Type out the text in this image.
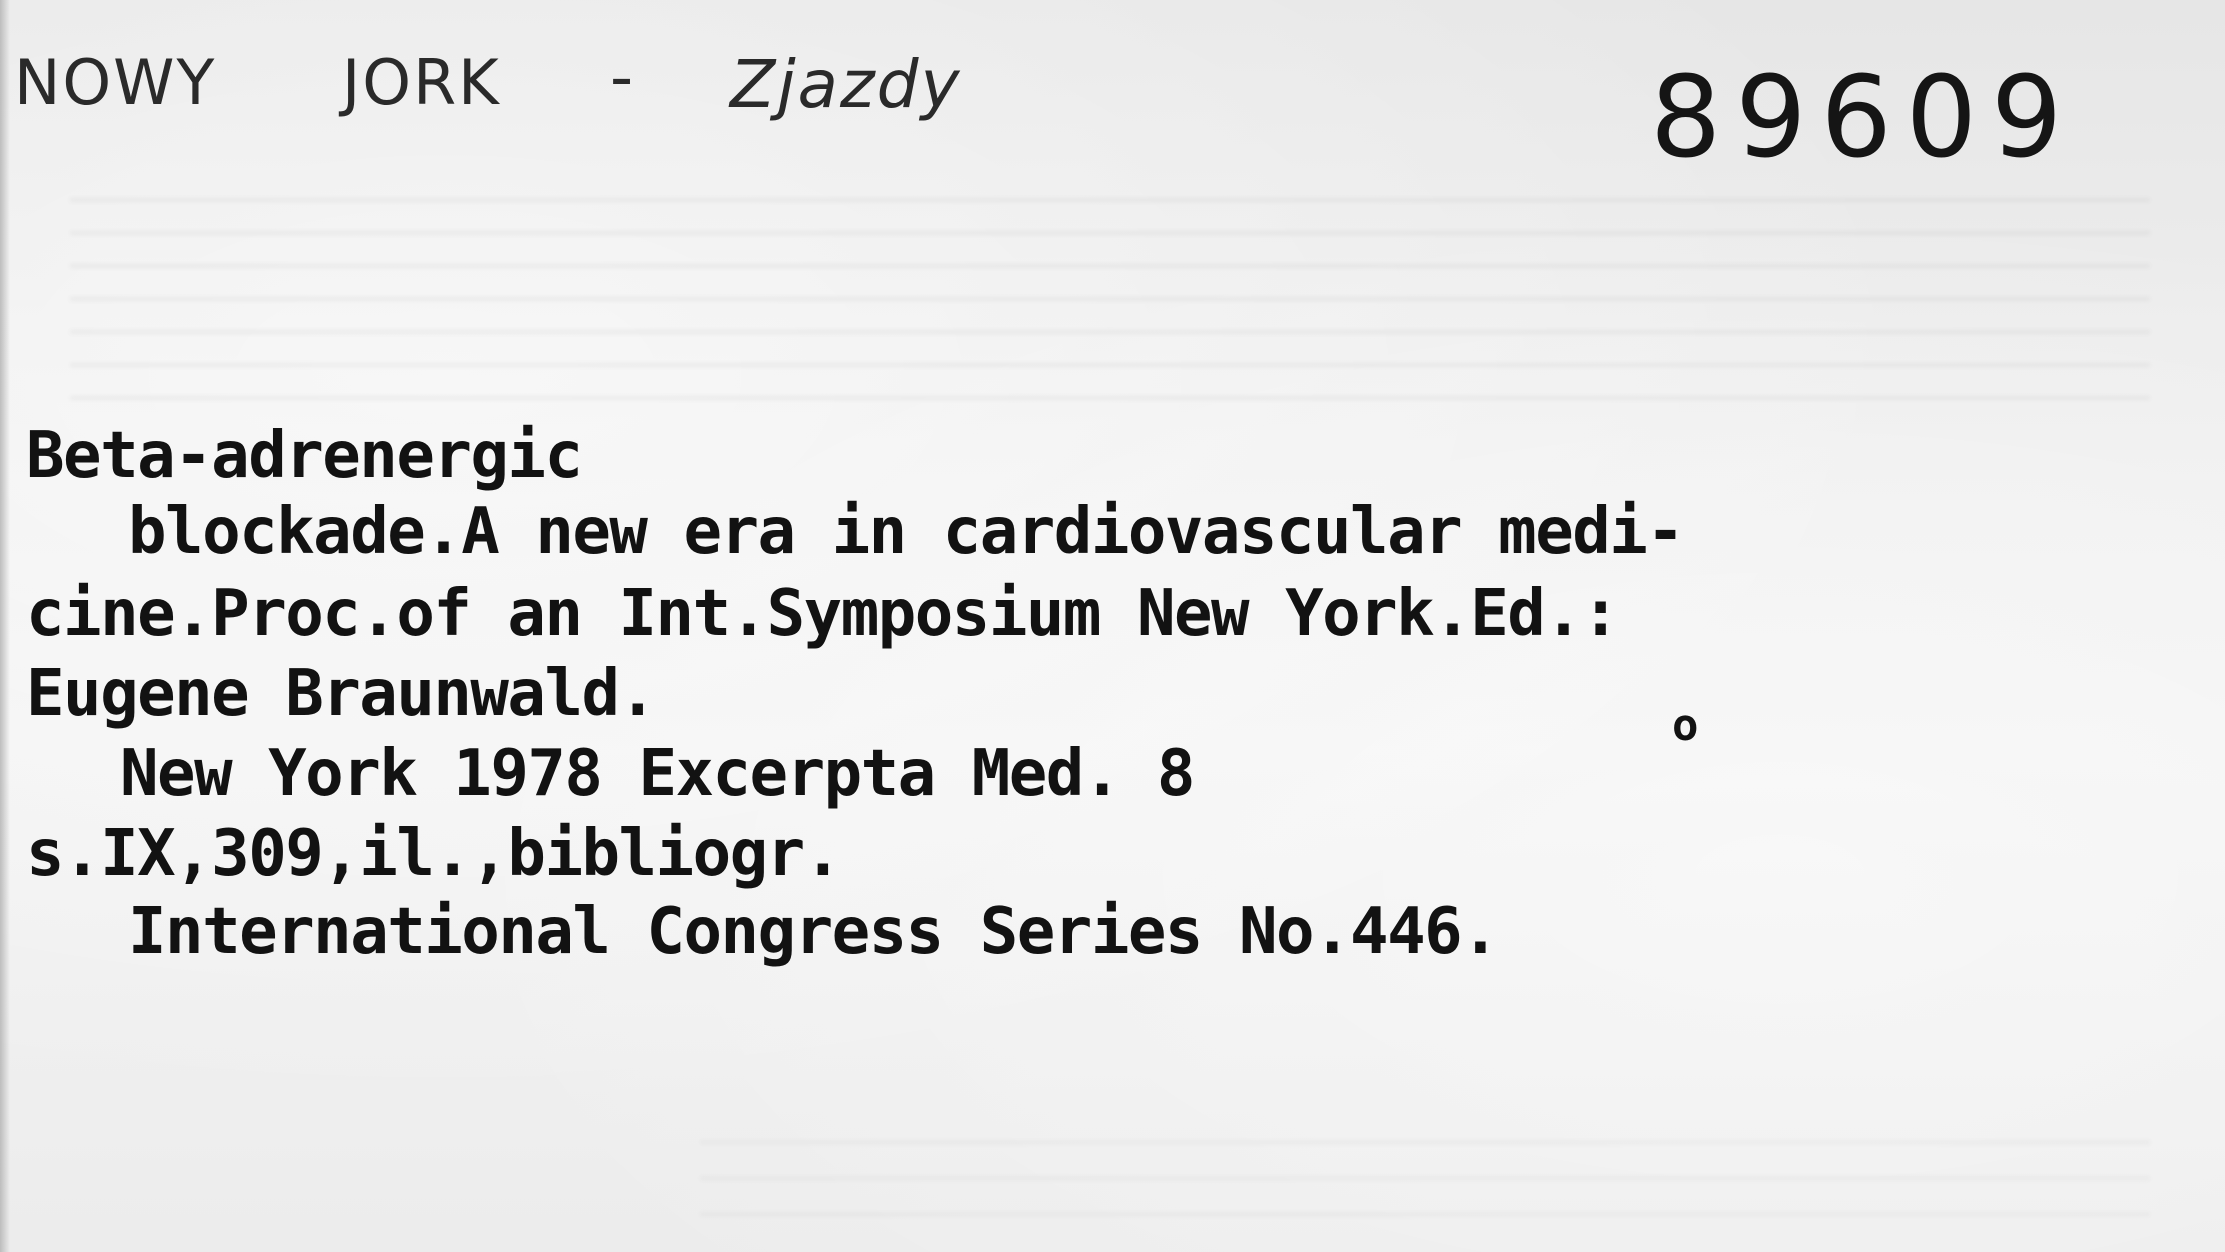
NOWY JORK - Zjazdy	89609
Beta-adrenergic
blockade.A new era in cardiovascular medi-
cine.Proc.of an Int.Symposium New York.Ed.:
Eugene Braunwald.
New York 1978 Excerpta Med. 8
o
s.IX,309,il.,bibliogr.
International Congress Series No.446.
